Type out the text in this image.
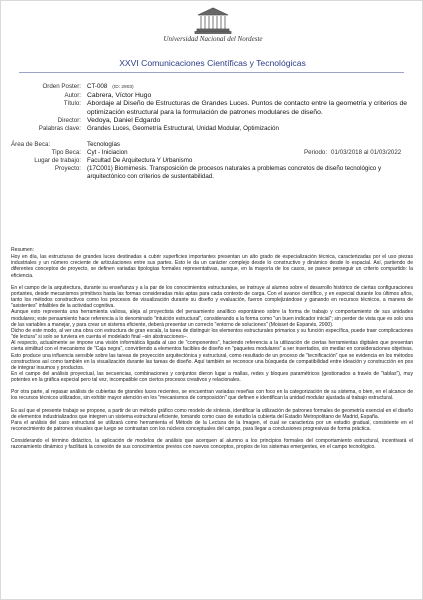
Universidad Nacional del Nordeste
XXVI Comunicaciones Científicas y Tecnológicas
Orden Poster: CT-008 (ID: 2903)
Autor: Cabrera, Víctor Hugo
Título: Abordaje al Diseño de Estructuras de Grandes Luces. Puntos de contacto entre la geometría y criterios de optimización estructural para la formulación de patrones modulares de diseño.
Director: Vedoya, Daniel Edgardo
Palabras clave: Grandes Luces, Geometría Estructural, Unidad Modular, Optimización
Área de Beca:	Tecnologías
Tipo Beca: Cyt - Iniciacion	Periodo: 01/03/2018 al 01/03/2022
Lugar de trabajo: Facultad De Arquitectura Y Urbanismo
Proyecto: (17C001) Biomimesis. Transposición de procesos naturales a problemas concretos de diseño tecnológico y arquitectónico con criterios de sustentabilidad.

Resumen:

Hoy en día, las estructuras de grandes luces destinadas a cubrir superficies importantes presentan un alto grado de especialización técnica, caracterizadas por el uso piezas industriales y un número creciente de articulaciones entre sus partes. Esto le da un carácter complejo desde lo constructivo y dinámico desde lo espacial. Así, partiendo de diferentes conceptos de proyecto, se definen variadas tipologías formales representativas, aunque, en la mayoría de los casos, se parece perseguir un criterio compartido: la eficiencia.

En el campo de la arquitectura, durante su enseñanza y a la par de los conocimientos estructurales, se instruye al alumno sobre el desarrollo histórico de ciertas configuraciones portantes, desde mecanismos primitivos hasta las formas consideradas más aptas para cada contexto de carga. Con el avance científico, y en especial durante los últimos años, tanto los métodos constructivos como los procesos de visualización durante su diseño y evaluación, fueron complejizándose y ganando en recursos técnicos, a manera de "asistentes" infalibles de la actividad cognitiva.

Aunque esto representa una herramienta valiosa, aleja al proyectista del pensamiento analítico espontáneo sobre la forma de trabajo y comportamiento de sus unidades modulares; este pensamiento hace referencia a lo denominado "intuición estructural", considerando a la forma como "un buen indicador inicial"; sin perder de vista que es solo una de las variables a manejar, y para crear un sistema eficiente, deberá presentar un correcto "entorno de soluciones" (Moisset de Espanés, 2000).

Dicho de este modo, al ver una obra con estructura de gran escala, la tarea de distinguir los elementos estructurales primarios y su función específica, puede traer complicaciones "de lectura" si solo se turviera en cuenta el modelado final –sin abstracciones–.

Al respecto, actualmente se impone una visión informática ligada al uso de "componentes", haciendo referencia a la utilización de ciertas herramientas digitales que presentan cierta similitud con el mecanismo de "Caja negra", convirtiendo a elementos facibles de diseño en "paquetes modulares" a ser insertados, sin mediar en consideraciones objetivas. Esto produce una influencia sensible sobre las tareas de proyección arquitectónica y estructural, como resultado de un proceso de "tecnificación" que se evidencia en los métodos constructivos así como también en la visualización durante las tareas de diseño. Aquí también se reconoce una búsqueda de compatibilidad entre ideación y construcción en pos de integrar insumos y productos.

En el campo del análisis proyectual, las secuencias, combinaciones y conjuntos dieron lugar a mallas, redes y bloques paramétricos (gestionados a través de "tablas"), muy potentes en la gráfica especial pero tal vez, incompatible con ciertos procesos creativos y relacionales.

Por otra parte, al repasar análisis de cubiertas de grandes luces recientes, se encuentran variadas reseñas con foco en la categorización de su sistema, o bien, en el alcance de los recursos técnicos utilizados, sin exhibir mayor atención en los "mecanismos de composición" que definen e identifican la unidad modular ajustada al trabajo estructural.

Es así que el presente trabajo se propone, a partir de un método gráfico como modelo de síntesis, identificar la utilización de patrones formales de geometría esencial en el diseño de elementos industrializados que integren un sistema estructural eficiente, tomando como caso de estudio la cubierta del Estadio Metropolitano de Madrid, España.

Para el análisis del caso estructural se utilizará como herramienta el Método de la Lectura de la Imagen, el cual se caracteriza por un estudio gradual, consistente en el reconocimiento de patrones visuales que luego se contrastan con los núcleos conceptuales del campo, para llegar a conclusiones progresivas de forma práctica.

Considerando el término didáctico, la aplicación de modelos de análisis que acerquen al alumno a los principios formales del comportamiento estructural, incentivará el razonamiento dinámico y facilitará la conexión de sus conocimientos previos con nuevos conceptos, propios de los sistemas emergentes, en el campo tecnológico.
